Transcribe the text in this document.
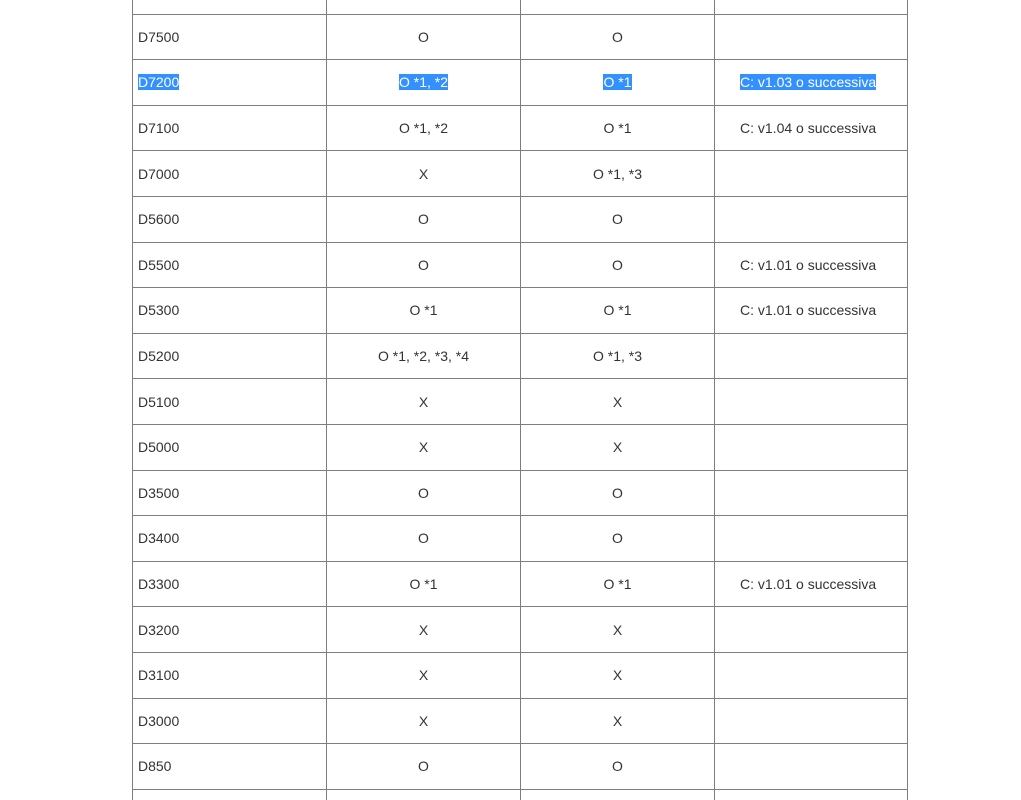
D7500	O	O	
D7200	O *1, *2	O *1	C: v1.03 o successiva
D7100	O *1, *2	O *1	C: v1.04 o successiva
D7000	X	O *1, *3	
D5600	O	O	
D5500	O	O	C: v1.01 o successiva
D5300	O *1	O *1	C: v1.01 o successiva
D5200	O *1, *2, *3, *4	O *1, *3	
D5100	X	X	
D5000	X	X	
D3500	O	O	
D3400	O	O	
D3300	O *1	O *1	C: v1.01 o successiva
D3200	X	X	
D3100	X	X	
D3000	X	X	
D850	O	O	
